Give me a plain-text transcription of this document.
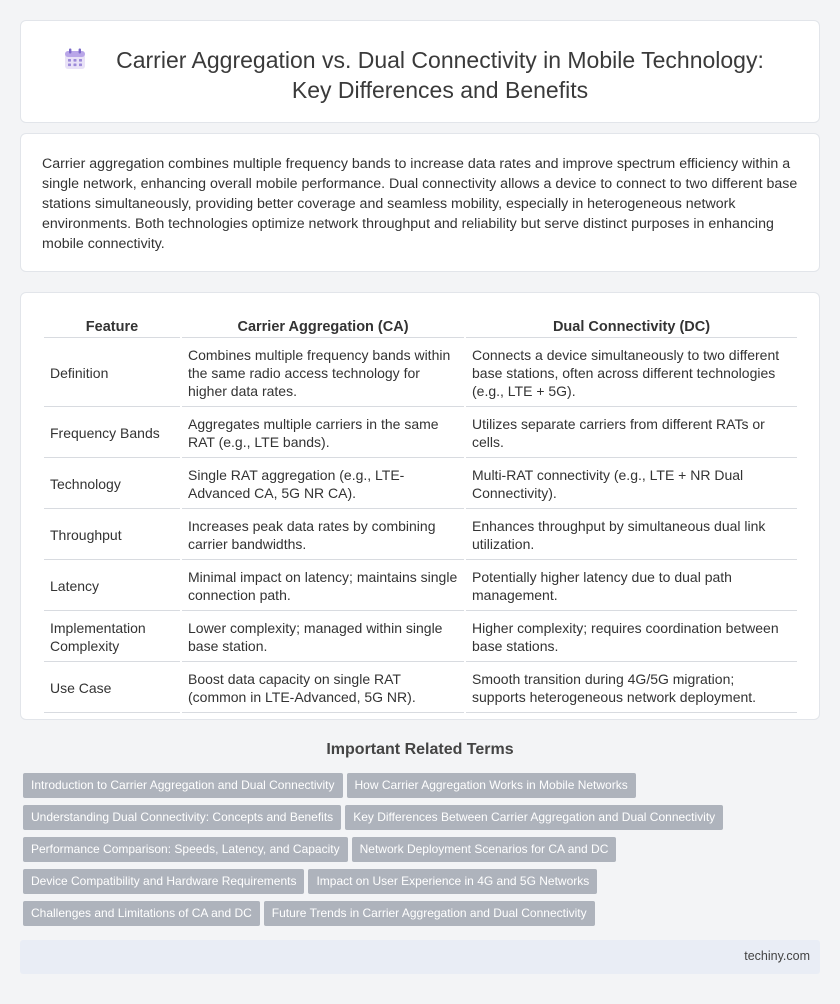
Carrier Aggregation vs. Dual Connectivity in Mobile Technology: Key Differences and Benefits

Carrier aggregation combines multiple frequency bands to increase data rates and improve spectrum efficiency within a single network, enhancing overall mobile performance. Dual connectivity allows a device to connect to two different base stations simultaneously, providing better coverage and seamless mobility, especially in heterogeneous network environments. Both technologies optimize network throughput and reliability but serve distinct purposes in enhancing mobile connectivity.

Feature	Carrier Aggregation (CA)	Dual Connectivity (DC)
Definition	Combines multiple frequency bands within the same radio access technology for higher data rates.	Connects a device simultaneously to two different base stations, often across different technologies (e.g., LTE + 5G).
Frequency Bands	Aggregates multiple carriers in the same RAT (e.g., LTE bands).	Utilizes separate carriers from different RATs or cells.
Technology	Single RAT aggregation (e.g., LTE-Advanced CA, 5G NR CA).	Multi-RAT connectivity (e.g., LTE + NR Dual Connectivity).
Throughput	Increases peak data rates by combining carrier bandwidths.	Enhances throughput by simultaneous dual link utilization.
Latency	Minimal impact on latency; maintains single connection path.	Potentially higher latency due to dual path management.
Implementation Complexity	Lower complexity; managed within single base station.	Higher complexity; requires coordination between base stations.
Use Case	Boost data capacity on single RAT (common in LTE-Advanced, 5G NR).	Smooth transition during 4G/5G migration; supports heterogeneous network deployment.
Important Related Terms
Introduction to Carrier Aggregation and Dual Connectivity How Carrier Aggregation Works in Mobile Networks
Understanding Dual Connectivity: Concepts and Benefits Key Differences Between Carrier Aggregation and Dual Connectivity
Performance Comparison: Speeds, Latency, and Capacity Network Deployment Scenarios for CA and DC
Device Compatibility and Hardware Requirements Impact on User Experience in 4G and 5G Networks
Challenges and Limitations of CA and DC Future Trends in Carrier Aggregation and Dual Connectivity
techiny.com
